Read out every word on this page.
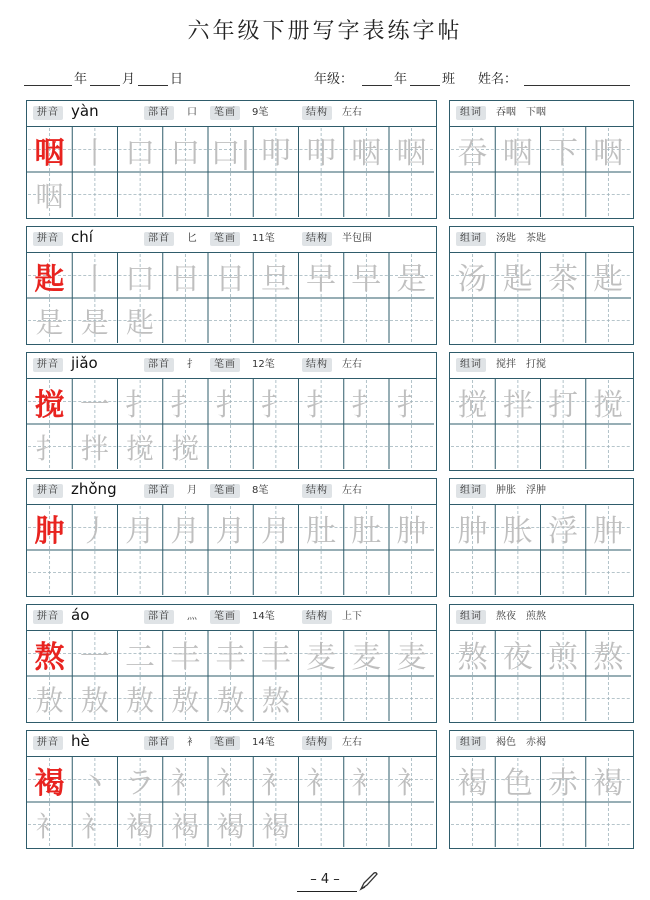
六年级下册写字表练字帖
年	月	日	年级：	年	班 姓名：
拼音 yàn	部首	口	笔画	9笔	结构	左右
咽 丨 口 口 口| 叩 叩 咽 咽
咽
组词	吞咽　下咽
吞 咽 下 咽
拼音 chí	部首	匕	笔画	11笔	结构	半包围
匙 丨 口 日 日 旦 早 早 是
是 是 匙
组词	汤匙　茶匙
汤 匙 茶 匙
拼音 jiǎo	部首	扌	笔画	12笔	结构	左右
搅 一 扌 扌 扌 扌 扌 扌 扌
扌 拌 搅 搅
组词	搅拌　打搅
搅 拌 打 搅
拼音 zhǒng	部首	月	笔画	8笔	结构	左右
肿 丿 月 月 月 月 肚 肚 肿
组词	肿胀　浮肿
肿 胀 浮 肿
拼音 áo	部首	灬	笔画	14笔	结构	上下
熬 一 二 丰 丰 丰 麦 麦 麦
敖 敖 敖 敖 敖 熬
组词	熬夜　煎熬
熬 夜 煎 熬
拼音 hè	部首	衤	笔画	14笔	结构	左右
褐 丶 ラ 衤 衤 衤 衤 衤 衤
衤 衤 褐 褐 褐 褐
组词	褐色　赤褐
褐 色 赤 褐
– 4 –
